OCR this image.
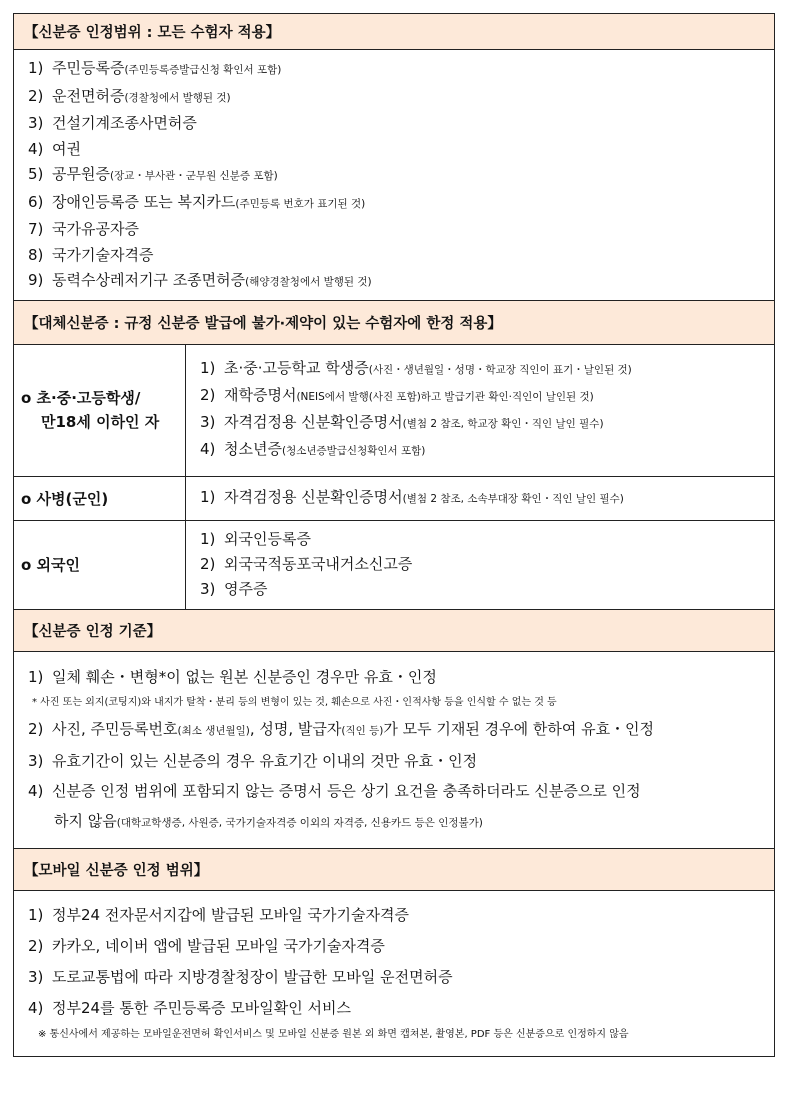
【신분증 인정범위 : 모든 수험자 적용】
1) 주민등록증(주민등록증발급신청 확인서 포함)
2) 운전면허증(경찰청에서 발행된 것)
3) 건설기계조종사면허증
4) 여권
5) 공무원증(장교・부사관・군무원 신분증 포함)
6) 장애인등록증 또는 복지카드(주민등록 번호가 표기된 것)
7) 국가유공자증
8) 국가기술자격증
9) 동력수상레저기구 조종면허증(해양경찰청에서 발행된 것)
【대체신분증 : 규정 신분증 발급에 불가·제약이 있는 수험자에 한정 적용】
o 초·중·고등학생/
만18세 이하인 자
1) 초·중·고등학교 학생증(사진・생년월일・성명・학교장 직인이 표기・날인된 것)
2) 재학증명서(NEIS에서 발행(사진 포함)하고 발급기관 확인·직인이 날인된 것)
3) 자격검정용 신분확인증명서(별첨 2 참조, 학교장 확인・직인 날인 필수)
4) 청소년증(청소년증발급신청확인서 포함)
o 사병(군인)	1) 자격검정용 신분확인증명서(별첨 2 참조, 소속부대장 확인・직인 날인 필수)
o 외국인
1) 외국인등록증
2) 외국국적동포국내거소신고증
3) 영주증
【신분증 인정 기준】
1) 일체 훼손・변형*이 없는 원본 신분증인 경우만 유효・인정
* 사진 또는 외지(코팅지)와 내지가 탈착・분리 등의 변형이 있는 것, 훼손으로 사진・인적사항 등을 인식할 수 없는 것 등
2) 사진, 주민등록번호(최소 생년월일), 성명, 발급자(직인 등)가 모두 기재된 경우에 한하여 유효・인정
3) 유효기간이 있는 신분증의 경우 유효기간 이내의 것만 유효・인정
4) 신분증 인정 범위에 포함되지 않는 증명서 등은 상기 요건을 충족하더라도 신분증으로 인정
하지 않음(대학교학생증, 사원증, 국가기술자격증 이외의 자격증, 신용카드 등은 인정불가)
【모바일 신분증 인정 범위】
1) 정부24 전자문서지갑에 발급된 모바일 국가기술자격증
2) 카카오, 네이버 앱에 발급된 모바일 국가기술자격증
3) 도로교통법에 따라 지방경찰청장이 발급한 모바일 운전면허증
4) 정부24를 통한 주민등록증 모바일확인 서비스
※ 통신사에서 제공하는 모바일운전면허 확인서비스 및 모바일 신분증 원본 외 화면 캡쳐본, 촬영본, PDF 등은 신분증으로 인정하지 않음
